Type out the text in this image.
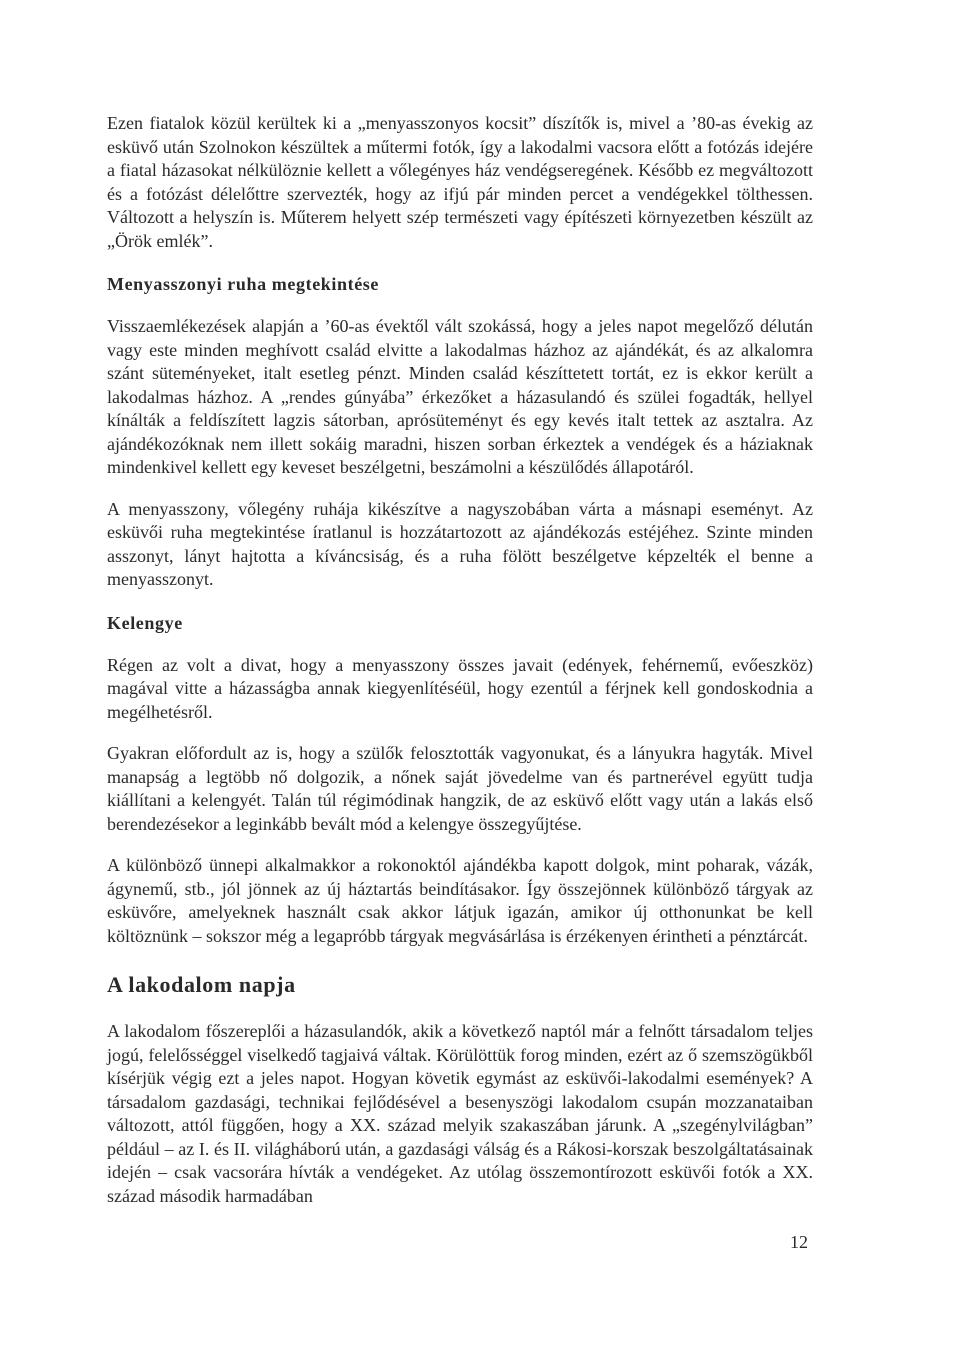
Ezen fiatalok közül kerültek ki a „menyasszonyos kocsit” díszítők is, mivel a ’80-as évekig az esküvő után Szolnokon készültek a műtermi fotók, így a lakodalmi vacsora előtt a fotózás idejére a fiatal házasokat nélkülöznie kellett a vőlegényes ház vendégseregének. Később ez megváltozott és a fotózást délelőttre szervezték, hogy az ifjú pár minden percet a vendégekkel tölthessen. Változott a helyszín is. Műterem helyett szép természeti vagy építészeti környezetben készült az „Örök emlék”.

Menyasszonyi ruha megtekintése

Visszaemlékezések alapján a ’60-as évektől vált szokássá, hogy a jeles napot megelőző délután vagy este minden meghívott család elvitte a lakodalmas házhoz az ajándékát, és az alkalomra szánt süteményeket, italt esetleg pénzt. Minden család készíttetett tortát, ez is ekkor került a lakodalmas házhoz. A „rendes gúnyába” érkezőket a házasulandó és szülei fogadták, hellyel kínálták a feldíszített lagzis sátorban, aprósüteményt és egy kevés italt tettek az asztalra. Az ajándékozóknak nem illett sokáig maradni, hiszen sorban érkeztek a vendégek és a háziaknak mindenkivel kellett egy keveset beszélgetni, beszámolni a készülődés állapotáról.

A menyasszony, vőlegény ruhája kikészítve a nagyszobában várta a másnapi eseményt. Az esküvői ruha megtekintése íratlanul is hozzátartozott az ajándékozás estéjéhez. Szinte minden asszonyt, lányt hajtotta a kíváncsiság, és a ruha fölött beszélgetve képzelték el benne a menyasszonyt.

Kelengye

Régen az volt a divat, hogy a menyasszony összes javait (edények, fehérnemű, evőeszköz) magával vitte a házasságba annak kiegyenlítéséül, hogy ezentúl a férjnek kell gondoskodnia a megélhetésről.

Gyakran előfordult az is, hogy a szülők felosztották vagyonukat, és a lányukra hagyták. Mivel manapság a legtöbb nő dolgozik, a nőnek saját jövedelme van és partnerével együtt tudja kiállítani a kelengyét. Talán túl régimódinak hangzik, de az esküvő előtt vagy után a lakás első berendezésekor a leginkább bevált mód a kelengye összegyűjtése.

A különböző ünnepi alkalmakkor a rokonoktól ajándékba kapott dolgok, mint poharak, vázák, ágynemű, stb., jól jönnek az új háztartás beindításakor. Így összejönnek különböző tárgyak az esküvőre, amelyeknek használt csak akkor látjuk igazán, amikor új otthonunkat be kell költöznünk – sokszor még a legapróbb tárgyak megvásárlása is érzékenyen érintheti a pénztárcát.

A lakodalom napja

A lakodalom főszereplői a házasulandók, akik a következő naptól már a felnőtt társadalom teljes jogú, felelősséggel viselkedő tagjaivá váltak. Körülöttük forog minden, ezért az ő szemszögükből kísérjük végig ezt a jeles napot. Hogyan követik egymást az esküvői-lakodalmi események? A társadalom gazdasági, technikai fejlődésével a besenyszögi lakodalom csupán mozzanataiban változott, attól függően, hogy a XX. század melyik szakaszában járunk. A „szegénylvilágban” például – az I. és II. világháború után, a gazdasági válság és a Rákosi-korszak beszolgáltatásainak idején – csak vacsorára hívták a vendégeket. Az utólag összemontírozott esküvői fotók a XX. század második harmadában

12
